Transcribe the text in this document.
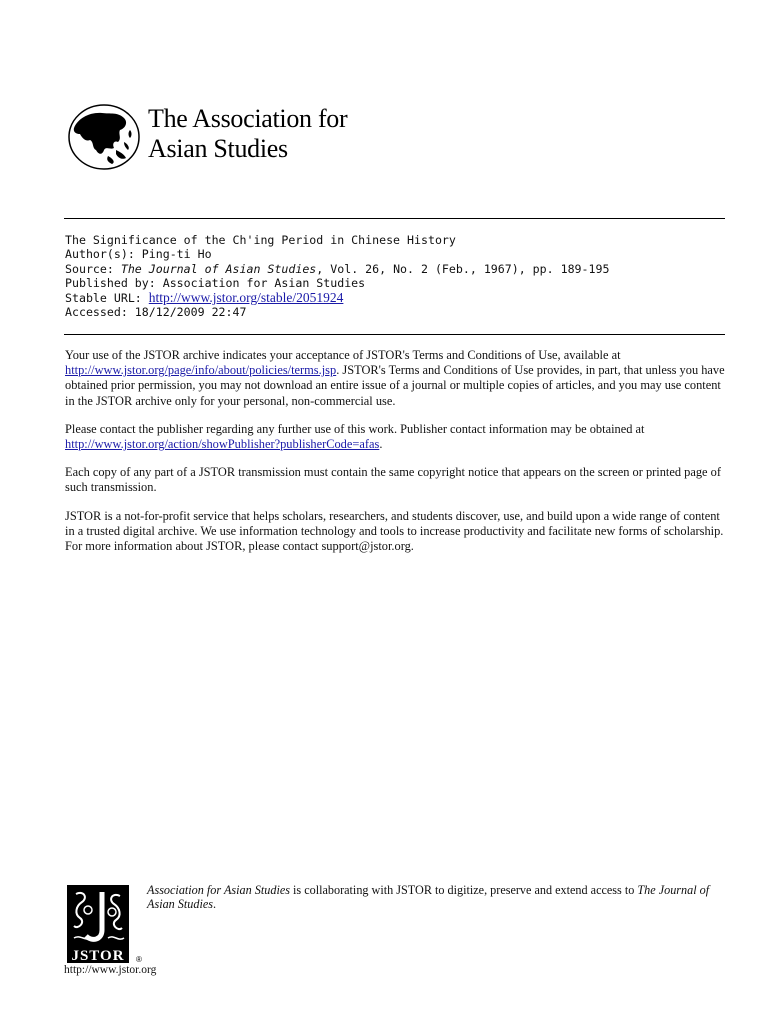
The Association for
Asian Studies
The Significance of the Ch'ing Period in Chinese History
Author(s): Ping-ti Ho
Source: The Journal of Asian Studies, Vol. 26, No. 2 (Feb., 1967), pp. 189-195
Published by: Association for Asian Studies
Stable URL: http://www.jstor.org/stable/2051924
Accessed: 18/12/2009 22:47

Your use of the JSTOR archive indicates your acceptance of JSTOR's Terms and Conditions of Use, available at http://www.jstor.org/page/info/about/policies/terms.jsp. JSTOR's Terms and Conditions of Use provides, in part, that unless you have obtained prior permission, you may not download an entire issue of a journal or multiple copies of articles, and you may use content in the JSTOR archive only for your personal, non-commercial use.

Please contact the publisher regarding any further use of this work. Publisher contact information may be obtained at http://www.jstor.org/action/showPublisher?publisherCode=afas.

Each copy of any part of a JSTOR transmission must contain the same copyright notice that appears on the screen or printed page of such transmission.

JSTOR is a not-for-profit service that helps scholars, researchers, and students discover, use, and build upon a wide range of content in a trusted digital archive. We use information technology and tools to increase productivity and facilitate new forms of scholarship. For more information about JSTOR, please contact support@jstor.org.

JSTOR ®
http://www.jstor.org
Association for Asian Studies is collaborating with JSTOR to digitize, preserve and extend access to The Journal of Asian Studies.
